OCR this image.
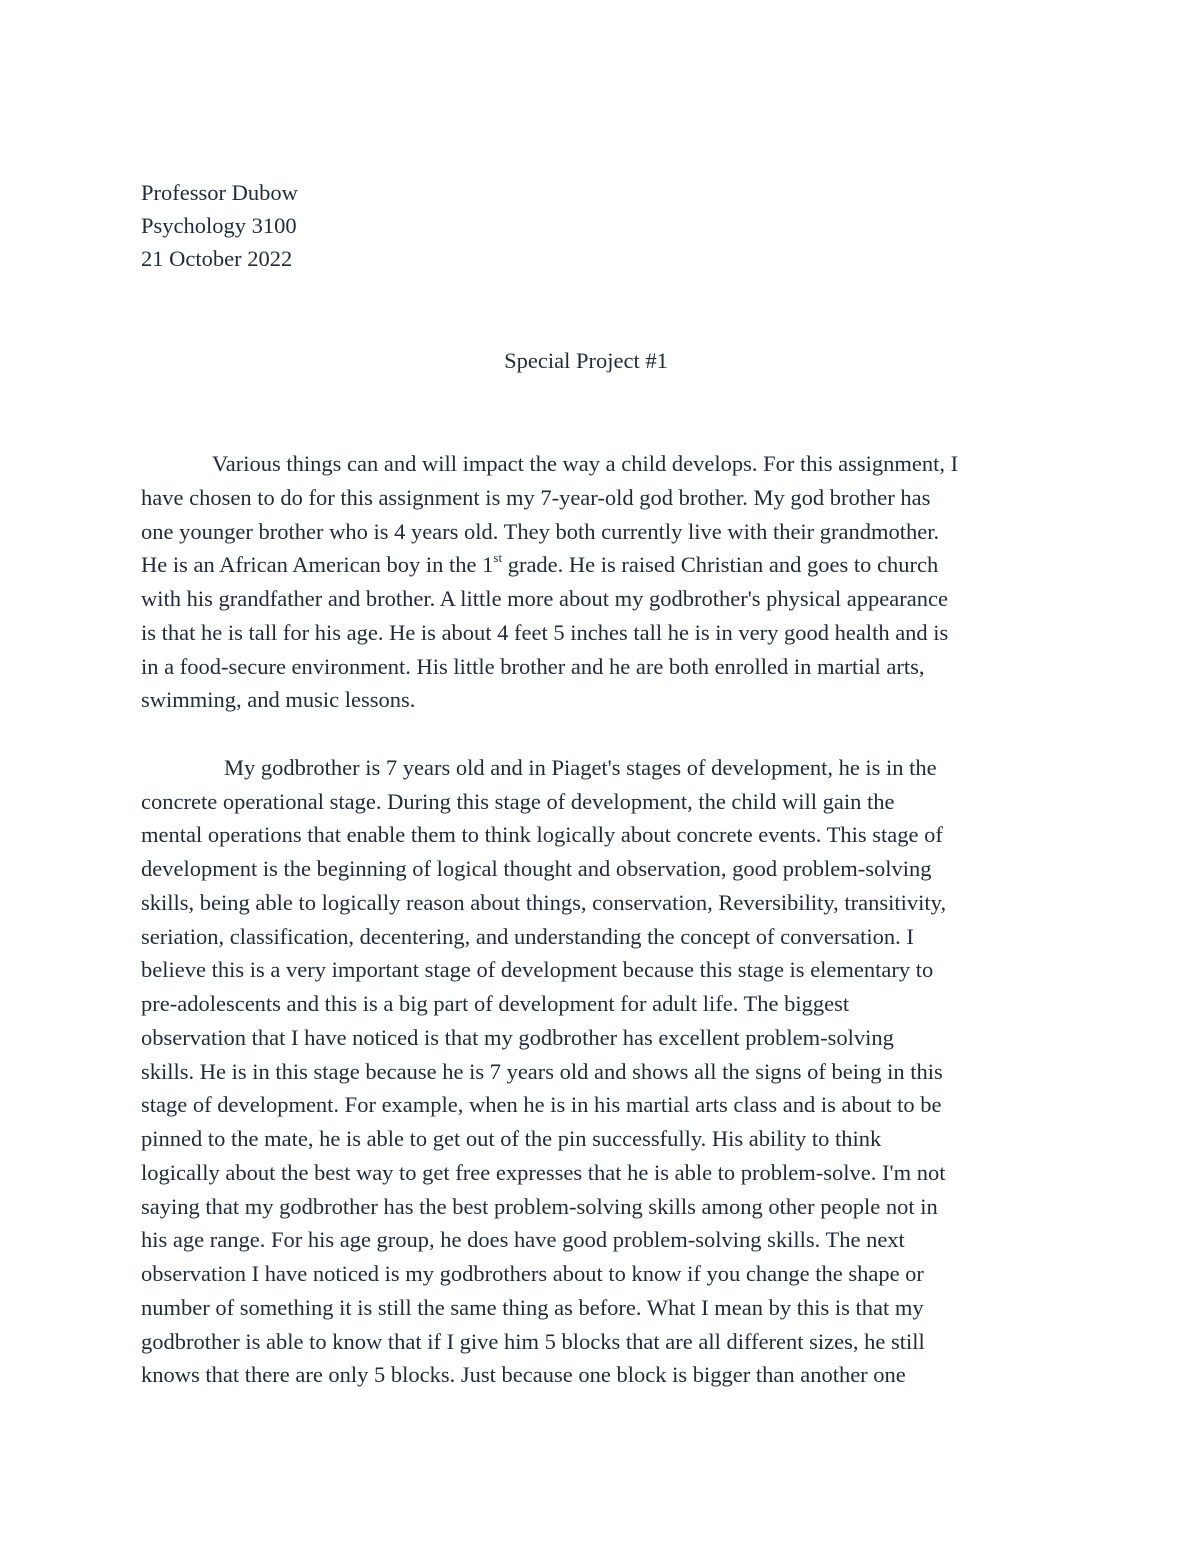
Professor Dubow
Psychology 3100
21 October 2022
Special Project #1
Various things can and will impact the way a child develops. For this assignment, I
have chosen to do for this assignment is my 7-year-old god brother. My god brother has
one younger brother who is 4 years old. They both currently live with their grandmother.
He is an African American boy in the 1st grade. He is raised Christian and goes to church
with his grandfather and brother. A little more about my godbrother's physical appearance
is that he is tall for his age. He is about 4 feet 5 inches tall he is in very good health and is
in a food-secure environment. His little brother and he are both enrolled in martial arts,
swimming, and music lessons.
My godbrother is 7 years old and in Piaget's stages of development, he is in the
concrete operational stage. During this stage of development, the child will gain the
mental operations that enable them to think logically about concrete events. This stage of
development is the beginning of logical thought and observation, good problem-solving
skills, being able to logically reason about things, conservation, Reversibility, transitivity,
seriation, classification, decentering, and understanding the concept of conversation. I
believe this is a very important stage of development because this stage is elementary to
pre-adolescents and this is a big part of development for adult life. The biggest
observation that I have noticed is that my godbrother has excellent problem-solving
skills. He is in this stage because he is 7 years old and shows all the signs of being in this
stage of development. For example, when he is in his martial arts class and is about to be
pinned to the mate, he is able to get out of the pin successfully. His ability to think
logically about the best way to get free expresses that he is able to problem-solve. I'm not
saying that my godbrother has the best problem-solving skills among other people not in
his age range. For his age group, he does have good problem-solving skills. The next
observation I have noticed is my godbrothers about to know if you change the shape or
number of something it is still the same thing as before. What I mean by this is that my
godbrother is able to know that if I give him 5 blocks that are all different sizes, he still
knows that there are only 5 blocks. Just because one block is bigger than another one
